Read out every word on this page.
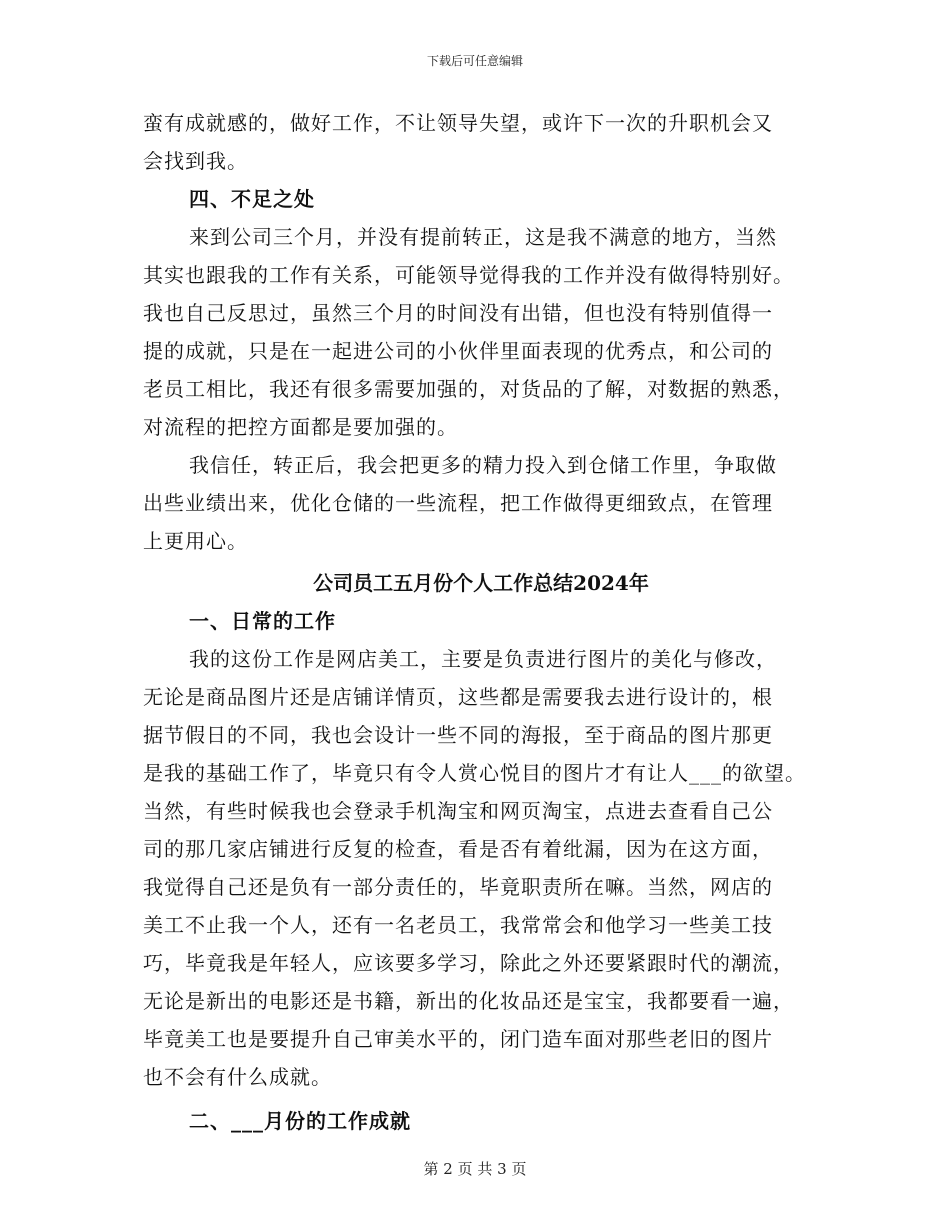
下载后可任意编辑
蛮有成就感的，做好工作，不让领导失望，或许下一次的升职机会又
会找到我。
四、不足之处
来到公司三个月，并没有提前转正，这是我不满意的地方，当然
其实也跟我的工作有关系，可能领导觉得我的工作并没有做得特别好。
我也自己反思过，虽然三个月的时间没有出错，但也没有特别值得一
提的成就，只是在一起进公司的小伙伴里面表现的优秀点，和公司的
老员工相比，我还有很多需要加强的，对货品的了解，对数据的熟悉，
对流程的把控方面都是要加强的。
我信任，转正后，我会把更多的精力投入到仓储工作里，争取做
出些业绩出来，优化仓储的一些流程，把工作做得更细致点，在管理
上更用心。
公司员工五月份个人工作总结2024年
一、日常的工作
我的这份工作是网店美工，主要是负责进行图片的美化与修改，
无论是商品图片还是店铺详情页，这些都是需要我去进行设计的，根
据节假日的不同，我也会设计一些不同的海报，至于商品的图片那更
是我的基础工作了，毕竟只有令人赏心悦目的图片才有让人___的欲望。
当然，有些时候我也会登录手机淘宝和网页淘宝，点进去查看自己公
司的那几家店铺进行反复的检查，看是否有着纰漏，因为在这方面，
我觉得自己还是负有一部分责任的，毕竟职责所在嘛。当然，网店的
美工不止我一个人，还有一名老员工，我常常会和他学习一些美工技
巧，毕竟我是年轻人，应该要多学习，除此之外还要紧跟时代的潮流，
无论是新出的电影还是书籍，新出的化妆品还是宝宝，我都要看一遍，
毕竟美工也是要提升自己审美水平的，闭门造车面对那些老旧的图片
也不会有什么成就。
二、___月份的工作成就
第 2 页 共 3 页
